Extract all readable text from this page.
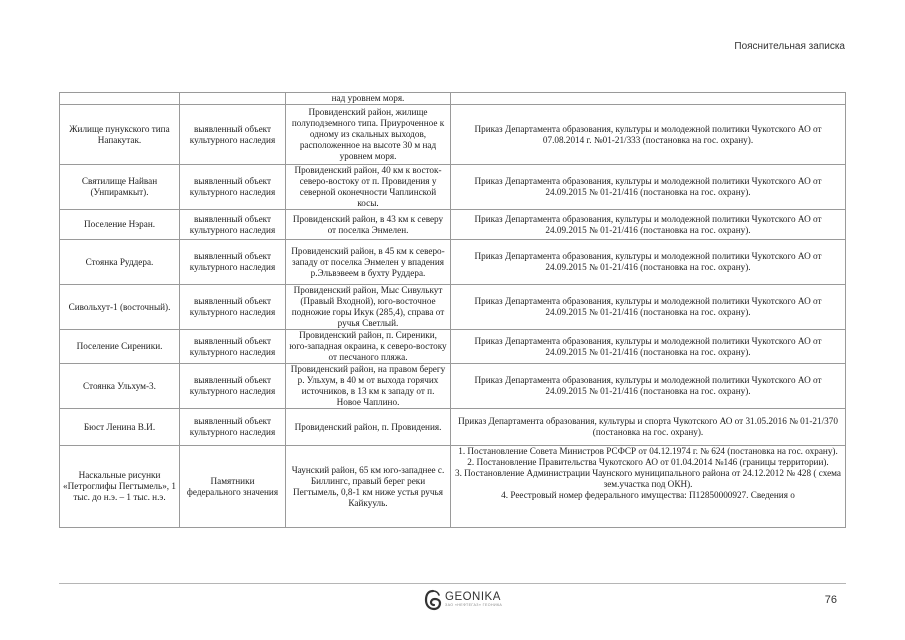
Пояснительная записка
		над уровнем моря.	
Жилище пунукского типа Напакутак.	выявленный объект культурного наследия	Провиденский район, жилище полуподземного типа. Приуроченное к одному из скальных выходов, расположенное на высоте 30 м над уровнем моря.	Приказ Департамента образования, культуры и молодежной политики Чукотского АО от 07.08.2014 г. №01-21/333 (постановка на гос. охрану).

Святилище Найван (Унпирамкыт).	выявленный объект культурного наследия	Провиденский район, 40 км к восток-северо-востоку от п. Провидения у северной оконечности Чаплинской косы.	Приказ Департамента образования, культуры и молодежной политики Чукотского АО от 24.09.2015 № 01-21/416 (постановка на гос. охрану).

Поселение Нэран.	выявленный объект культурного наследия	Провиденский район, в 43 км к северу от поселка Энмелен.	Приказ Департамента образования, культуры и молодежной политики Чукотского АО от 24.09.2015 № 01-21/416 (постановка на гос. охрану).

Стоянка Руддера.	выявленный объект культурного наследия	Провиденский район, в 45 км к северо-западу от поселка Энмелен у впадения р.Эльвэвеем в бухту Руддера.	Приказ Департамента образования, культуры и молодежной политики Чукотского АО от 24.09.2015 № 01-21/416 (постановка на гос. охрану).

Сивольхут-1 (восточный).	выявленный объект культурного наследия	Провиденский район, Мыс Сивулькут (Правый Входной), юго-восточное подножие горы Икук (285,4), справа от ручья Светлый.	Приказ Департамента образования, культуры и молодежной политики Чукотского АО от 24.09.2015 № 01-21/416 (постановка на гос. охрану).

Поселение Сиреники.	выявленный объект культурного наследия	Провиденский район, п. Сиреники, юго-западная окраина, к северо-востоку от песчаного пляжа.	Приказ Департамента образования, культуры и молодежной политики Чукотского АО от 24.09.2015 № 01-21/416 (постановка на гос. охрану).

Стоянка Ульхум-3.	выявленный объект культурного наследия	Провиденский район, на правом берегу р. Ульхум, в 40 м от выхода горячих источников, в 13 км к западу от п. Новое Чаплино.	Приказ Департамента образования, культуры и молодежной политики Чукотского АО от 24.09.2015 № 01-21/416 (постановка на гос. охрану).

Бюст Ленина В.И.	выявленный объект культурного наследия	Провиденский район, п. Провидения.	Приказ Департамента образования, культуры и спорта Чукотского АО от 31.05.2016 № 01-21/370 (постановка на гос. охрану).

Наскальные рисунки «Петроглифы Пегтымель», 1 тыс. до н.э. – 1 тыс. н.э.	Памятники федерального значения	Чаунский район, 65 км юго-западнее с. Биллингс, правый берег реки Пегтымель, 0,8-1 км ниже устья ручья Кайкууль.	1. Постановление Совета Министров РСФСР от 04.12.1974 г. № 624 (постановка на гос. охрану).
2. Постановление Правительства Чукотского АО от 01.04.2014 №146 (границы территории).
3. Постановление Администрации Чаунского муниципального района от 24.12.2012 № 428 ( схема зем.участка под ОКН).
4. Реестровый номер федерального имущества: П12850000927. Сведения о
GEONIKA
ЗАО «НЕФТЕГАЗ» ГЕОНИКА	76
